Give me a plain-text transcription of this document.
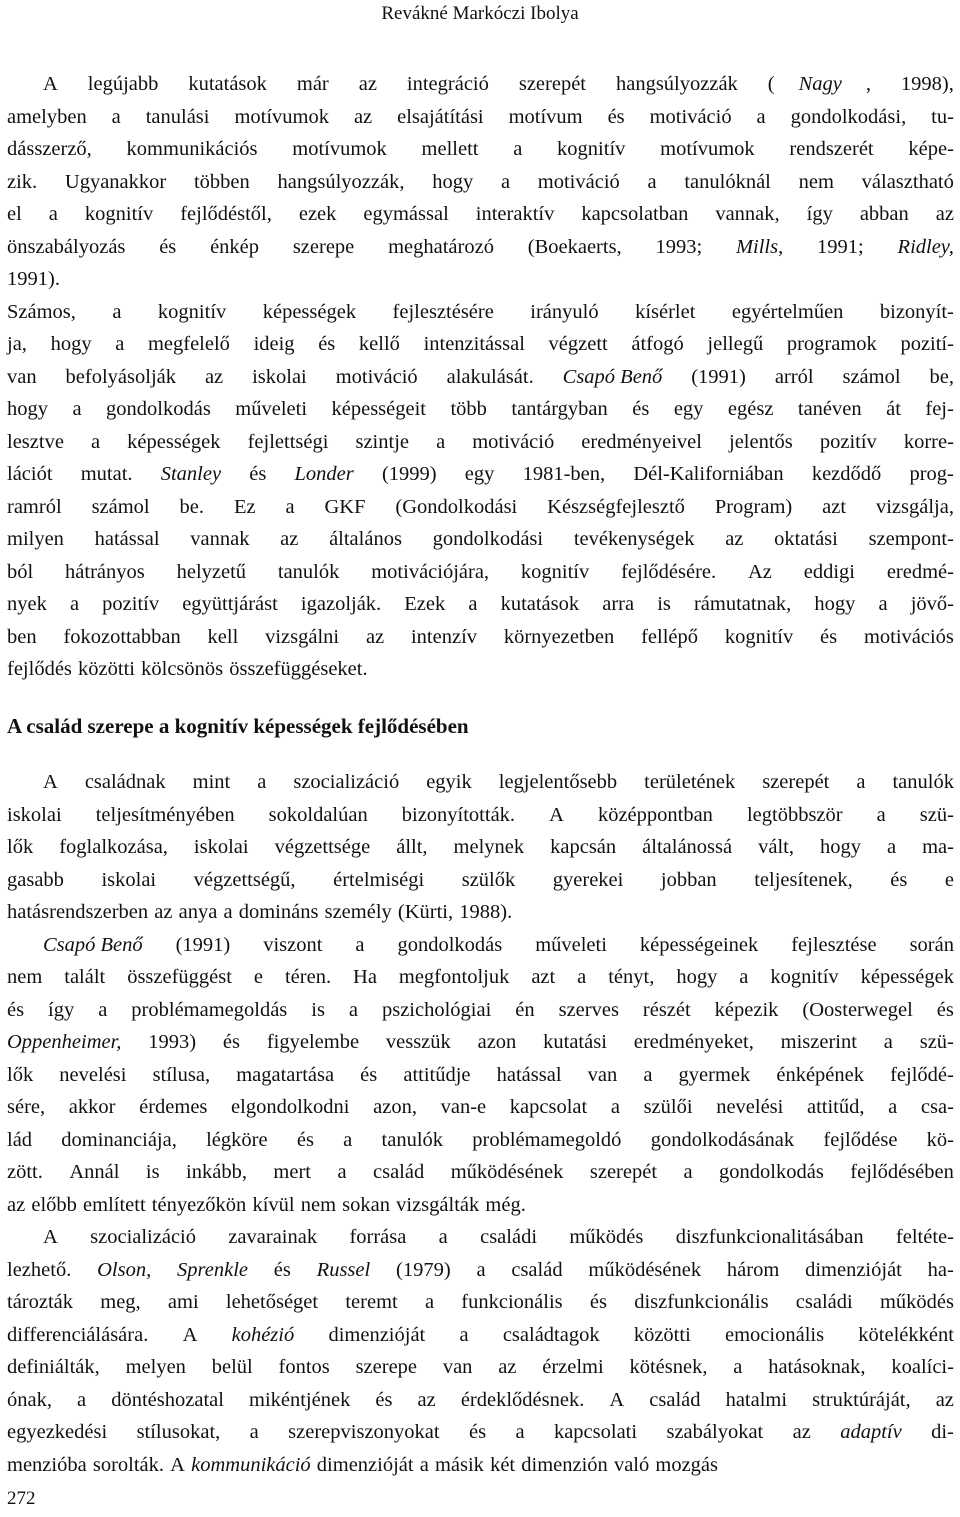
Revákné Markóczi Ibolya
A legújabb kutatások már az integráció szerepét hangsúlyozzák ( Nagy , 1998),
amelyben a tanulási motívumok az elsajátítási motívum és motiváció a gondolkodási, tu-
dásszerző, kommunikációs motívumok mellett a kognitív motívumok rendszerét képe-
zik. Ugyanakkor többen hangsúlyozzák, hogy a motiváció a tanulóknál nem választható
el a kognitív fejlődéstől, ezek egymással interaktív kapcsolatban vannak, így abban az
önszabályozás és énkép szerepe meghatározó (Boekaerts, 1993; Mills, 1991; Ridley,
1991).
Számos, a kognitív képességek fejlesztésére irányuló kísérlet egyértelműen bizonyít-
ja, hogy a megfelelő ideig és kellő intenzitással végzett átfogó jellegű programok pozití-
van befolyásolják az iskolai motiváció alakulását. Csapó Benő (1991) arról számol be,
hogy a gondolkodás műveleti képességeit több tantárgyban és egy egész tanéven át fej-
lesztve a képességek fejlettségi szintje a motiváció eredményeivel jelentős pozitív korre-
lációt mutat. Stanley és Londer (1999) egy 1981-ben, Dél-Kaliforniában kezdődő prog-
ramról számol be. Ez a GKF (Gondolkodási Készségfejlesztő Program) azt vizsgálja,
milyen hatással vannak az általános gondolkodási tevékenységek az oktatási szempont-
ból hátrányos helyzetű tanulók motivációjára, kognitív fejlődésére. Az eddigi eredmé-
nyek a pozitív együttjárást igazolják. Ezek a kutatások arra is rámutatnak, hogy a jövő-
ben fokozottabban kell vizsgálni az intenzív környezetben fellépő kognitív és motivációs
fejlődés közötti kölcsönös összefüggéseket.
A család szerepe a kognitív képességek fejlődésében
A családnak mint a szocializáció egyik legjelentősebb területének szerepét a tanulók
iskolai teljesítményében sokoldalúan bizonyították. A középpontban legtöbbször a szü-
lők foglalkozása, iskolai végzettsége állt, melynek kapcsán általánossá vált, hogy a ma-
gasabb iskolai végzettségű, értelmiségi szülők gyerekei jobban teljesítenek, és e
hatásrendszerben az anya a domináns személy (Kürti, 1988).
Csapó Benő (1991) viszont a gondolkodás műveleti képességeinek fejlesztése során
nem talált összefüggést e téren. Ha megfontoljuk azt a tényt, hogy a kognitív képességek
és így a problémamegoldás is a pszichológiai én szerves részét képezik (Oosterwegel és
Oppenheimer, 1993) és figyelembe vesszük azon kutatási eredményeket, miszerint a szü-
lők nevelési stílusa, magatartása és attitűdje hatással van a gyermek énképének fejlődé-
sére, akkor érdemes elgondolkodni azon, van-e kapcsolat a szülői nevelési attitűd, a csa-
lád dominanciája, légköre és a tanulók problémamegoldó gondolkodásának fejlődése kö-
zött. Annál is inkább, mert a család működésének szerepét a gondolkodás fejlődésében
az előbb említett tényezőkön kívül nem sokan vizsgálták még.
A szocializáció zavarainak forrása a családi működés diszfunkcionalitásában feltéte-
lezhető. Olson, Sprenkle és Russel (1979) a család működésének három dimenzióját ha-
tározták meg, ami lehetőséget teremt a funkcionális és diszfunkcionális családi működés
differenciálására. A kohézió dimenzióját a családtagok közötti emocionális kötelékként
definiálták, melyen belül fontos szerepe van az érzelmi kötésnek, a hatásoknak, koalíci-
ónak, a döntéshozatal mikéntjének és az érdeklődésnek. A család hatalmi struktúráját, az
egyezkedési stílusokat, a szerepviszonyokat és a kapcsolati szabályokat az adaptív di-
menzióba sorolták. A kommunikáció dimenzióját a másik két dimenzión való mozgás
272
